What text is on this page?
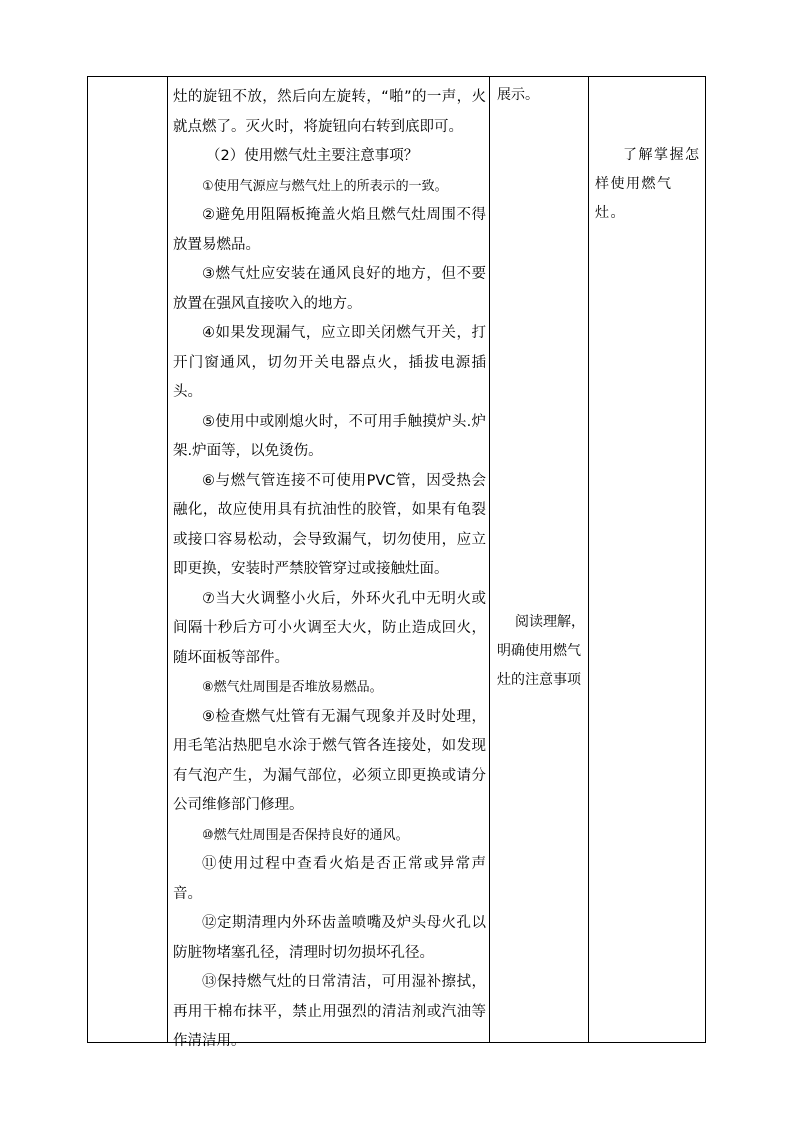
灶的旋钮不放，然后向左旋转，“啪”的一声，火就点燃了。灭火时，将旋钮向右转到底即可。

（2）使用燃气灶主要注意事项？

①使用气源应与燃气灶上的所表示的一致。

②避免用阻隔板掩盖火焰且燃气灶周围不得放置易燃品。

③燃气灶应安装在通风良好的地方，但不要放置在强风直接吹入的地方。

④如果发现漏气，应立即关闭燃气开关，打开门窗通风，切勿开关电器点火，插拔电源插头。

⑤使用中或刚熄火时，不可用手触摸炉头.炉架.炉面等，以免烫伤。

⑥与燃气管连接不可使用PVC管，因受热会融化，故应使用具有抗油性的胶管，如果有龟裂或接口容易松动，会导致漏气，切勿使用，应立即更换，安装时严禁胶管穿过或接触灶面。

⑦当大火调整小火后，外环火孔中无明火或间隔十秒后方可小火调至大火，防止造成回火，随坏面板等部件。

⑧燃气灶周围是否堆放易燃品。

⑨检查燃气灶管有无漏气现象并及时处理，用毛笔沾热肥皂水涂于燃气管各连接处，如发现有气泡产生，为漏气部位，必须立即更换或请分公司维修部门修理。

⑩燃气灶周围是否保持良好的通风。

⑪使用过程中查看火焰是否正常或异常声音。

⑫定期清理内外环齿盖喷嘴及炉头母火孔以防脏物堵塞孔径，清理时切勿损坏孔径。

⑬保持燃气灶的日常清洁，可用湿补擦拭，再用干棉布抹平，禁止用强烈的清洁剂或汽油等作清洁用。

展示。
阅读理解，明确使用燃气灶的注意事项
了解掌握怎样使用燃气灶。
